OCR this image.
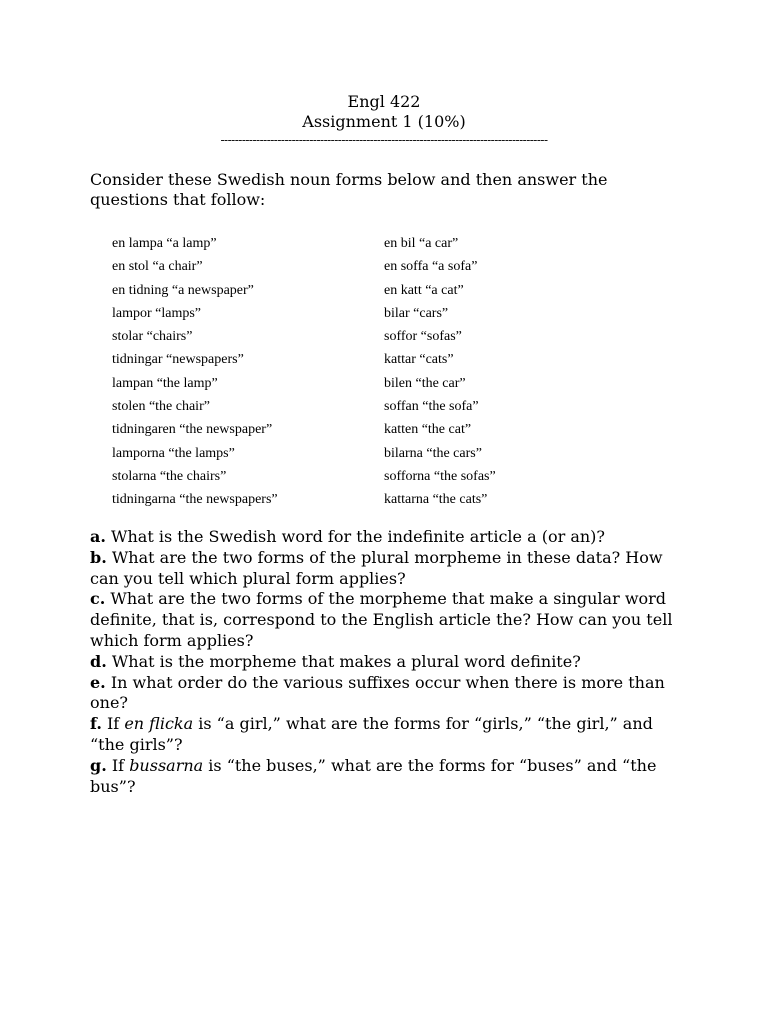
Engl 422
Assignment 1 (10%)
--------------------------------------------------------------------------------------------
Consider these Swedish noun forms below and then answer the questions that follow:
en lampa “a lamp”
en stol “a chair”
en tidning “a newspaper”
lampor “lamps”
stolar “chairs”
tidningar “newspapers”
lampan “the lamp”
stolen “the chair”
tidningaren “the newspaper”
lamporna “the lamps”
stolarna “the chairs”
tidningarna “the newspapers”
en bil “a car”
en soffa “a sofa”
en katt “a cat”
bilar “cars”
soffor “sofas”
kattar “cats”
bilen “the car”
soffan “the sofa”
katten “the cat”
bilarna “the cars”
sofforna “the sofas”
kattarna “the cats”

a. What is the Swedish word for the indefinite article a (or an)?

b. What are the two forms of the plural morpheme in these data? How can you tell which plural form applies?

c. What are the two forms of the morpheme that make a singular word definite, that is, correspond to the English article the? How can you tell which form applies?

d. What is the morpheme that makes a plural word definite?

e. In what order do the various suffixes occur when there is more than one?

f. If en flicka is “a girl,” what are the forms for “girls,” “the girl,” and “the girls”?

g. If bussarna is “the buses,” what are the forms for “buses” and “the bus”?
